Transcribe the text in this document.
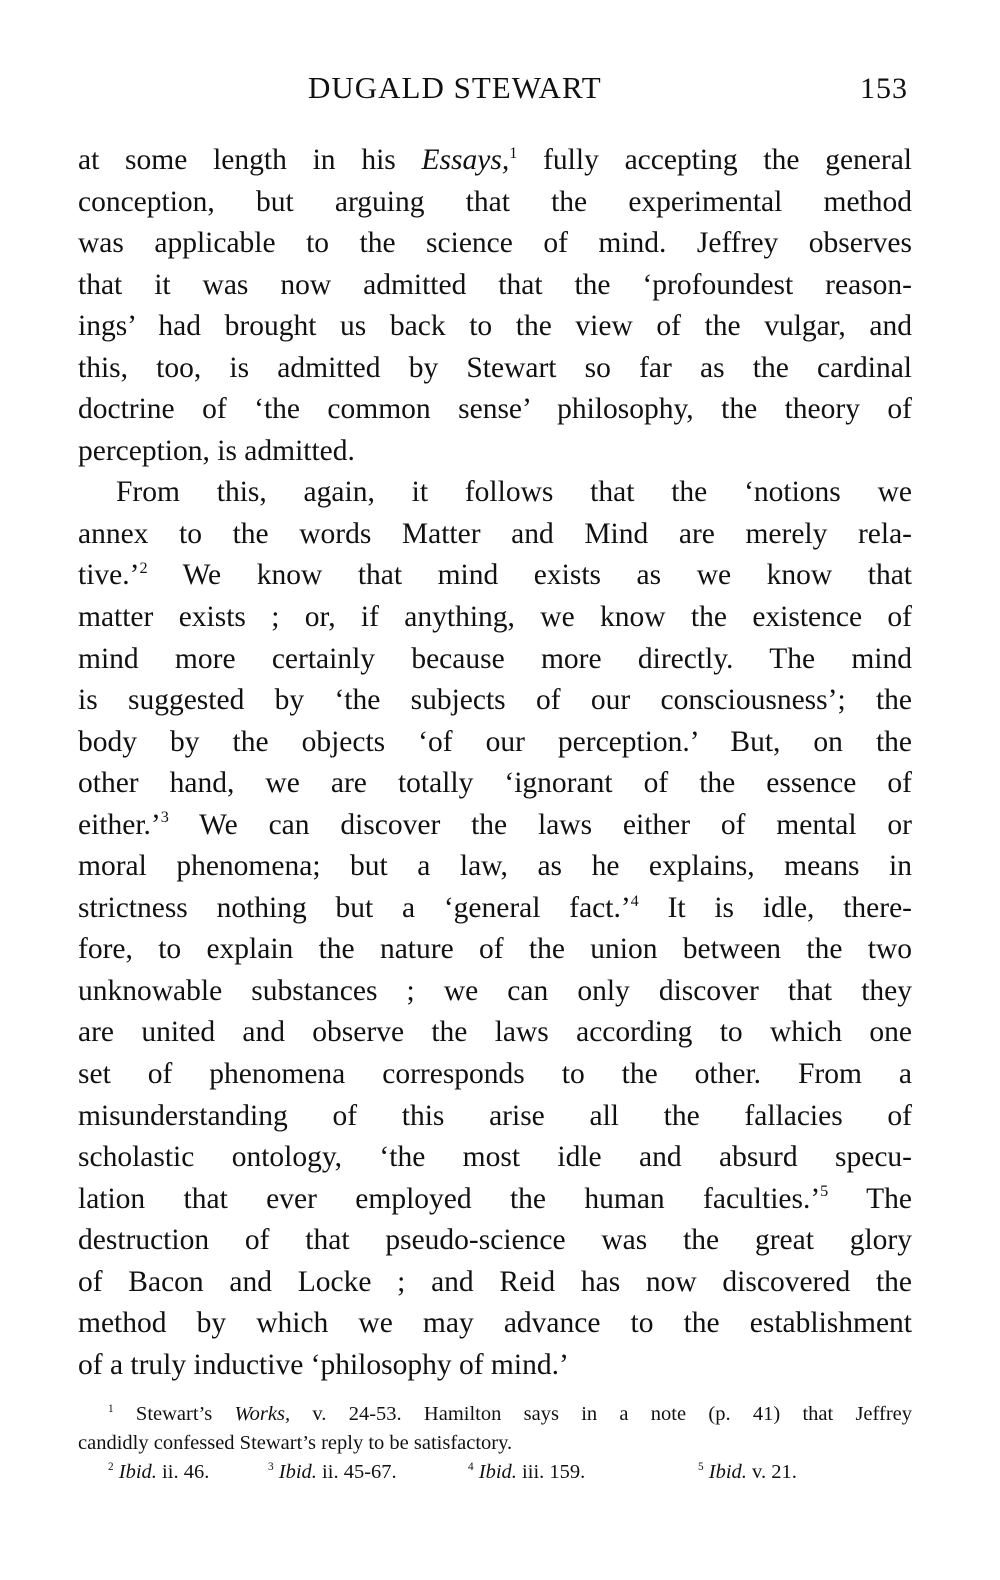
DUGALD STEWART	153
at some length in his Essays,$^1$ fully accepting the general
conception, but arguing that the experimental method
was applicable to the science of mind. Jeffrey observes
that it was now admitted that the ‘profoundest reason-
ings’ had brought us back to the view of the vulgar, and
this, too, is admitted by Stewart so far as the cardinal
doctrine of ‘the common sense’ philosophy, the theory of
perception, is admitted.
From this, again, it follows that the ‘notions we
annex to the words Matter and Mind are merely rela-
tive.’$^2$ We know that mind exists as we know that
matter exists ; or, if anything, we know the existence of
mind more certainly because more directly. The mind
is suggested by ‘the subjects of our consciousness’; the
body by the objects ‘of our perception.’ But, on the
other hand, we are totally ‘ignorant of the essence of
either.’$^3$ We can discover the laws either of mental or
moral phenomena; but a law, as he explains, means in
strictness nothing but a ‘general fact.’$^4$ It is idle, there-
fore, to explain the nature of the union between the two
unknowable substances ; we can only discover that they
are united and observe the laws according to which one
set of phenomena corresponds to the other. From a
misunderstanding of this arise all the fallacies of
scholastic ontology, ‘the most idle and absurd specu-
lation that ever employed the human faculties.’$^5$ The
destruction of that pseudo-science was the great glory
of Bacon and Locke ; and Reid has now discovered the
method by which we may advance to the establishment
of a truly inductive ‘philosophy of mind.’
$^1$ Stewart’s Works, v. 24-53. Hamilton says in a note (p. 41) that Jeffrey
candidly confessed Stewart’s reply to be satisfactory.
$^2$ Ibid. ii. 46.	$^3$ Ibid. ii. 45-67.	$^4$ Ibid. iii. 159.	$^5$ Ibid. v. 21.
